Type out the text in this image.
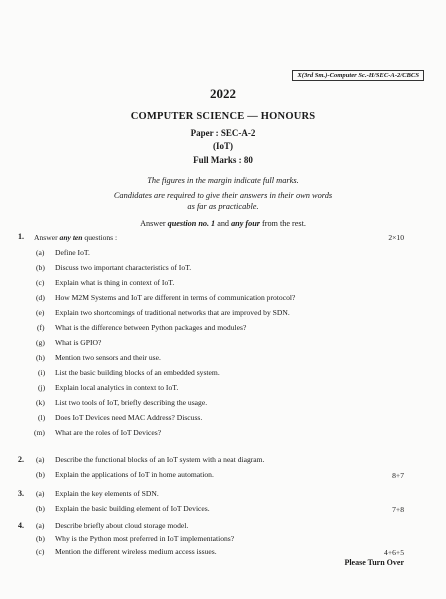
X(3rd Sm.)-Computer Sc.-H/SEC-A-2/CBCS
2022
COMPUTER SCIENCE — HONOURS
Paper : SEC-A-2
(IoT)
Full Marks : 80
The figures in the margin indicate full marks.
Candidates are required to give their answers in their own words
as far as practicable.
Answer question no. 1 and any four from the rest.
1. Answer any ten questions :	2×10
(a) Define IoT.
(b) Discuss two important characteristics of IoT.
(c) Explain what is thing in context of IoT.
(d) How M2M Systems and IoT are different in terms of communication protocol?
(e) Explain two shortcomings of traditional networks that are improved by SDN.
(f) What is the difference between Python packages and modules?
(g) What is GPIO?
(h) Mention two sensors and their use.
(i) List the basic building blocks of an embedded system.
(j) Explain local analytics in context to IoT.
(k) List two tools of IoT, briefly describing the usage.
(l) Does IoT Devices need MAC Address? Discuss.
(m) What are the roles of IoT Devices?
2. (a) Describe the functional blocks of an IoT system with a neat diagram.
(b) Explain the applications of IoT in home automation.	8+7
3. (a) Explain the key elements of SDN.
(b) Explain the basic building element of IoT Devices.	7+8
4. (a) Describe briefly about cloud storage model.
(b) Why is the Python most preferred in IoT implementations?
(c) Mention the different wireless medium access issues.	4+6+5
Please Turn Over
